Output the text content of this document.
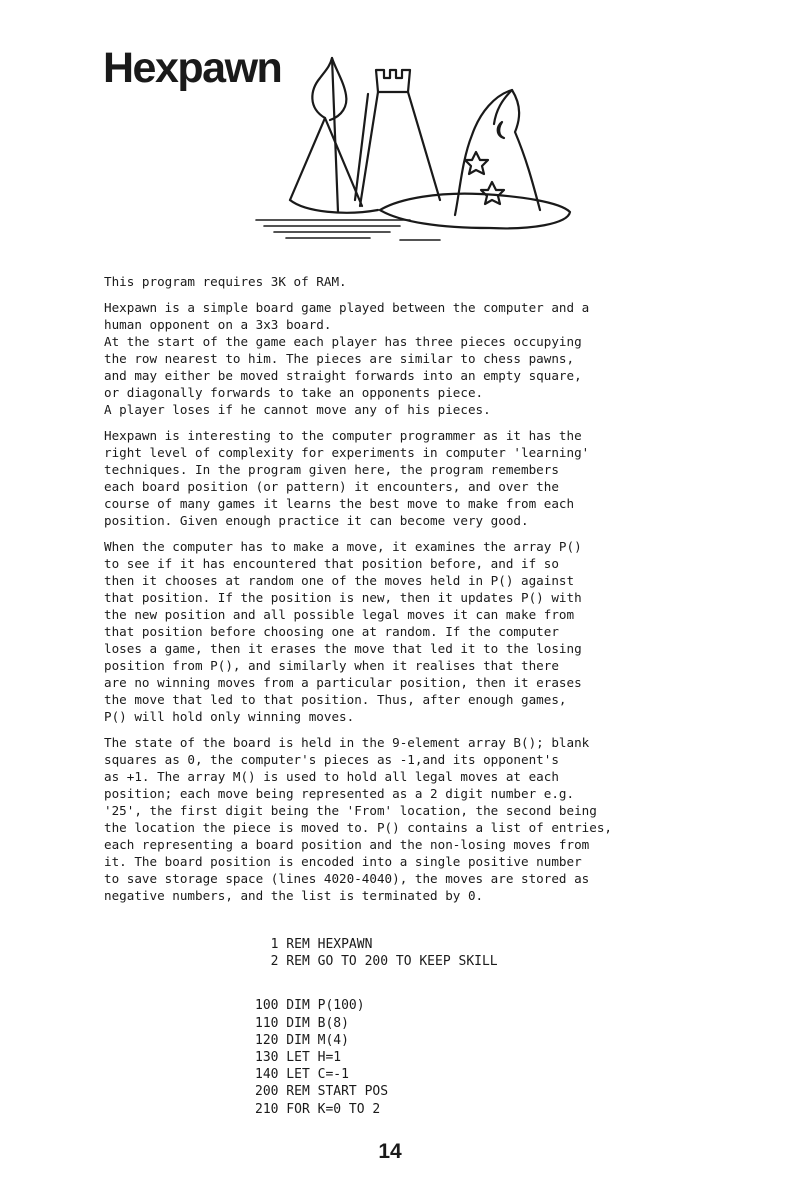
Hexpawn

This program requires 3K of RAM.

Hexpawn is a simple board game played between the computer and a
human opponent on a 3x3 board.
At the start of the game each player has three pieces occupying
the row nearest to him. The pieces are similar to chess pawns,
and may either be moved straight forwards into an empty square,
or diagonally forwards to take an opponents piece.
A player loses if he cannot move any of his pieces.

Hexpawn is interesting to the computer programmer as it has the
right level of complexity for experiments in computer 'learning'
techniques. In the program given here, the program remembers
each board position (or pattern) it encounters, and over the
course of many games it learns the best move to make from each
position. Given enough practice it can become very good.

When the computer has to make a move, it examines the array P()
to see if it has encountered that position before, and if so
then it chooses at random one of the moves held in P() against
that position. If the position is new, then it updates P() with
the new position and all possible legal moves it can make from
that position before choosing one at random. If the computer
loses a game, then it erases the move that led it to the losing
position from P(), and similarly when it realises that there
are no winning moves from a particular position, then it erases
the move that led to that position. Thus, after enough games,
P() will hold only winning moves.

The state of the board is held in the 9-element array B(); blank
squares as 0, the computer's pieces as -1,and its opponent's
as +1. The array M() is used to hold all legal moves at each
position; each move being represented as a 2 digit number e.g.
'25', the first digit being the 'From' location, the second being
the location the piece is moved to. P() contains a list of entries,
each representing a board position and the non-losing moves from
it. The board position is encoded into a single positive number
to save storage space (lines 4020-4040), the moves are stored as
negative numbers, and the list is terminated by 0.

1 REM HEXPAWN
2 REM GO TO 200 TO KEEP SKILL
100 DIM P(100)
110 DIM B(8)
120 DIM M(4)
130 LET H=1
140 LET C=-1
200 REM START POS
210 FOR K=0 TO 2
14
